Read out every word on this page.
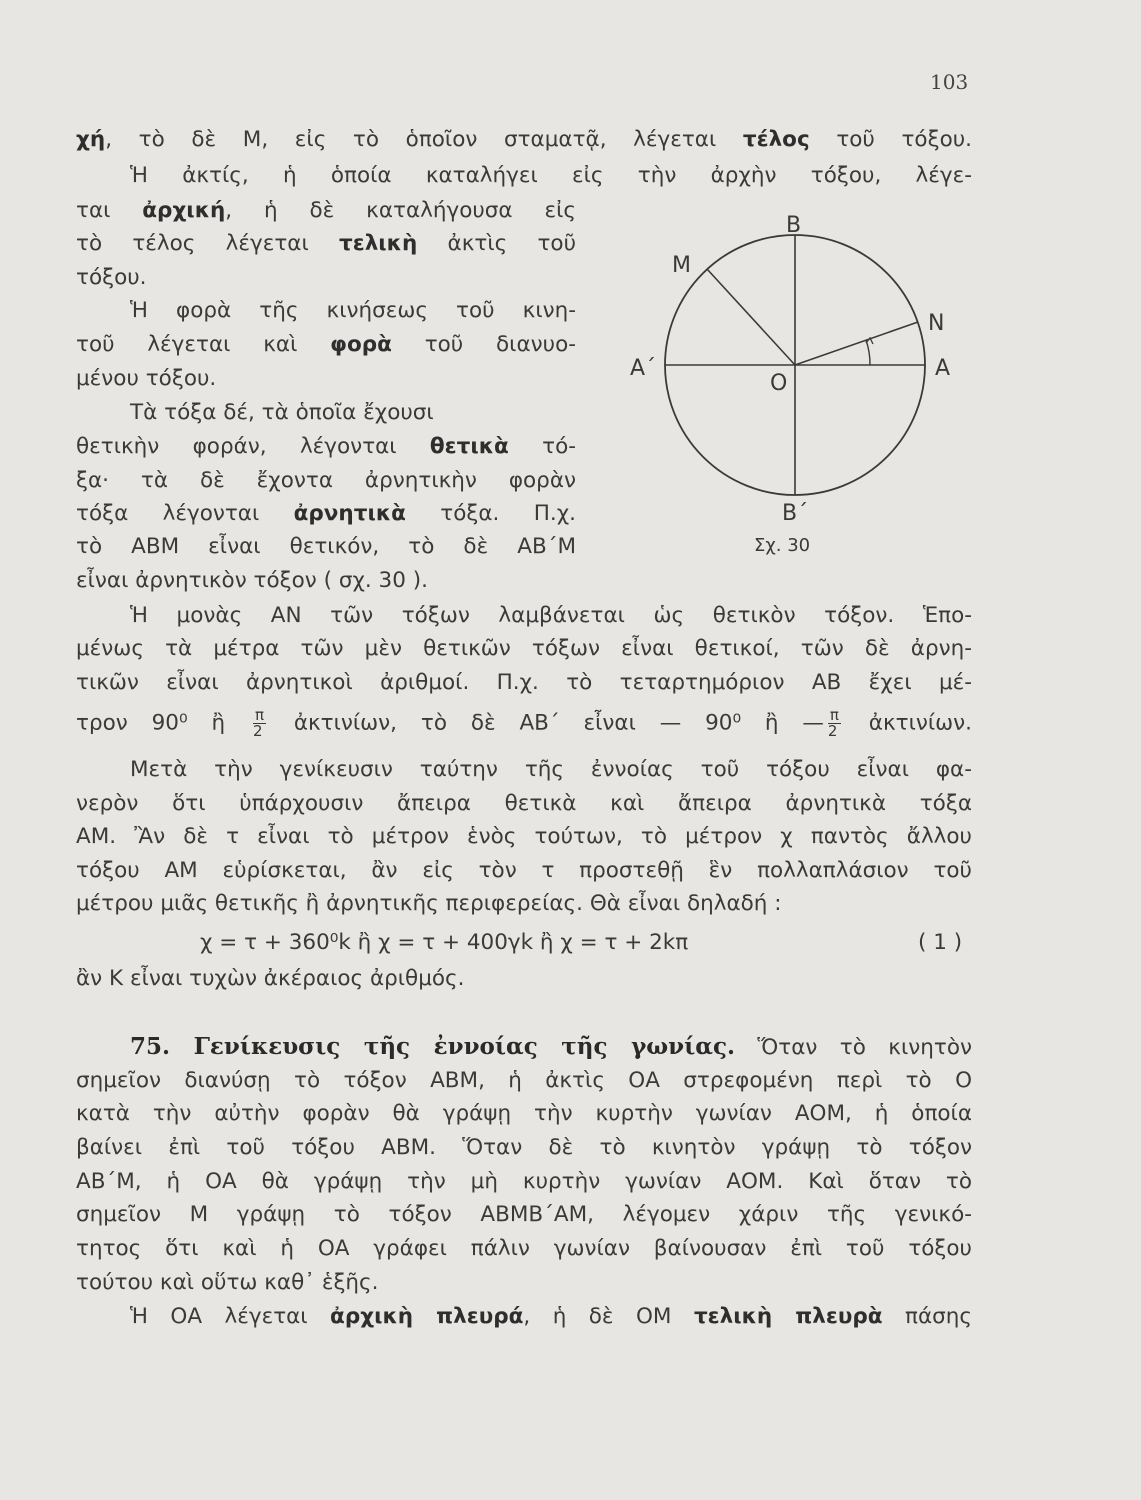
103
χή, τὸ δὲ Μ, εἰς τὸ ὁποῖον σταματᾷ, λέγεται τέλος τοῦ τόξου.
Ἡ ἀκτίς, ἡ ὁποία καταλήγει εἰς τὴν ἀρχὴν τόξου, λέγε-
ται ἀρχική, ἡ δὲ καταλήγουσα εἰς
τὸ τέλος λέγεται τελικὴ ἀκτὶς τοῦ
τόξου.
Ἡ φορὰ τῆς κινήσεως τοῦ κινη-
τοῦ λέγεται καὶ φορὰ τοῦ διανυο-
μένου τόξου.
Τὰ τόξα δέ, τὰ ὁποῖα ἔχουσι
θετικὴν φοράν, λέγονται θετικὰ τό-
ξα· τὰ δὲ ἔχοντα ἀρνητικὴν φορὰν
τόξα λέγονται ἀρνητικὰ τόξα. Π.χ.
τὸ ΑΒΜ εἶναι θετικόν, τὸ δὲ ΑΒ΄Μ
εἶναι ἀρνητικὸν τόξον ( σχ. 30 ).
Ἡ μονὰς ΑΝ τῶν τόξων λαμβάνεται ὡς θετικὸν τόξον. Ἑπο-
μένως τὰ μέτρα τῶν μὲν θετικῶν τόξων εἶναι θετικοί, τῶν δὲ ἀρνη-
τικῶν εἶναι ἀρνητικοὶ ἀριθμοί. Π.χ. τὸ τεταρτημόριον ΑΒ ἔχει μέ-
τρον 90⁰ ἢ $\frac{\pi}{2}$ ἀκτινίων, τὸ δὲ ΑΒ΄ εἶναι — 90⁰ ἢ — $\frac{\pi}{2}$ ἀκτινίων.
Μετὰ τὴν γενίκευσιν ταύτην τῆς ἐννοίας τοῦ τόξου εἶναι φα-
νερὸν ὅτι ὑπάρχουσιν ἄπειρα θετικὰ καὶ ἄπειρα ἀρνητικὰ τόξα
ΑΜ. Ἂν δὲ τ εἶναι τὸ μέτρον ἑνὸς τούτων, τὸ μέτρον χ παντὸς ἄλλου
τόξου ΑΜ εὑρίσκεται, ἂν εἰς τὸν τ προστεθῇ ἓν πολλαπλάσιον τοῦ
μέτρου μιᾶς θετικῆς ἢ ἀρνητικῆς περιφερείας. Θὰ εἶναι δηλαδή :
χ = τ + 360⁰k ἢ χ = τ + 400γk ἢ χ = τ + 2kπ	( 1 )
ἂν Κ εἶναι τυχὼν ἀκέραιος ἀριθμός.
75. Γενίκευσις τῆς ἐννοίας τῆς γωνίας. Ὅταν τὸ κινητὸν
σημεῖον διανύσῃ τὸ τόξον ΑΒΜ, ἡ ἀκτὶς ΟΑ στρεφομένη περὶ τὸ Ο
κατὰ τὴν αὐτὴν φορὰν θὰ γράψῃ τὴν κυρτὴν γωνίαν ΑΟΜ, ἡ ὁποία
βαίνει ἐπὶ τοῦ τόξου ΑΒΜ. Ὅταν δὲ τὸ κινητὸν γράψῃ τὸ τόξον
ΑΒ΄Μ, ἡ ΟΑ θὰ γράψῃ τὴν μὴ κυρτὴν γωνίαν ΑΟΜ. Καὶ ὅταν τὸ
σημεῖον Μ γράψῃ τὸ τόξον ΑΒΜΒ΄ΑΜ, λέγομεν χάριν τῆς γενικό-
τητος ὅτι καὶ ἡ ΟΑ γράφει πάλιν γωνίαν βαίνουσαν ἐπὶ τοῦ τόξου
τούτου καὶ οὕτω καθ᾽ ἑξῆς.
Ἡ ΟΑ λέγεται ἀρχικὴ πλευρά, ἡ δὲ ΟΜ τελικὴ πλευρὰ πάσης
B
M
N
A
A΄
O
B΄
Σχ. 30
